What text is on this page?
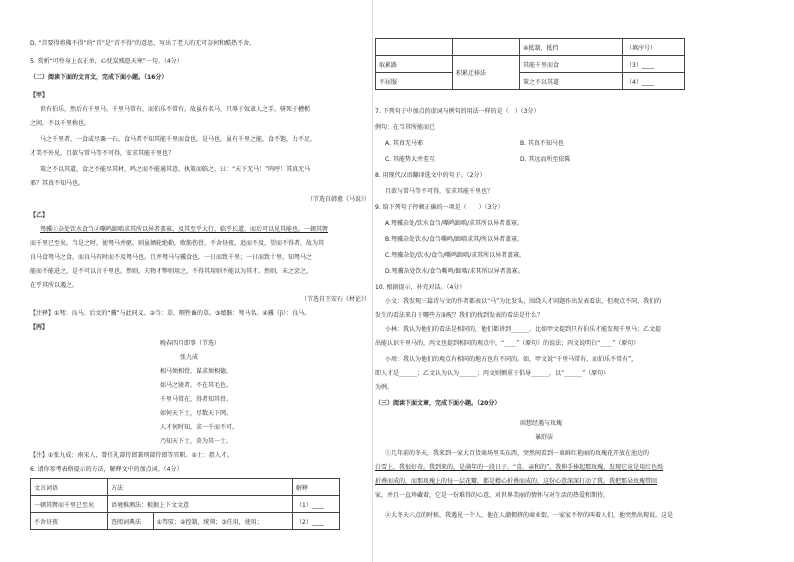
D. “首要得将佛不得”的“首”是“首不得”的意思，写出了老人的无可奈何和酷热不舍。
5. 赏析“可怜身上衣正单，心忧炭贱愿天寒”一句。（4分）
（二）阅读下面的文言文，完成下面小题。（16分）
【甲】
世有伯乐，然后有千里马。千里马常有，而伯乐不常有。故虽有名马，只辱于奴隶人之手，骈死于槽枥
之间，不以千里称也。
马之千里者，一食或尽粟一石。食马者不知其能千里而食也。是马也，虽有千里之能，食不饱，力不足，
才美不外见，且欲与常马等不可得，安求其能千里也？
策之不以其道，食之不能尽其材，鸣之而不能通其意，执策而临之，曰：“天下无马！”呜呼！其真无马
邪？其真不知马也。
（节选自韩愈《马说》）
【乙】
驽骥①杂处饮水食刍②嘶鸣蹄啮求其所以异者盖寡。及其至乎大行、临乎长道，而后可以见其能也。一顿其辔
而千里已至矣。当是之时，使驽马并驱，则虽倾轮绝勒，败筋伤骨，不舍昼夜，追而不及，望而不得者，故为其
良马食驽马之食，而良马有时而不及驽马也。且并驽马与骥食也，一日而致千里；一日而致十里。知驽马之
能而不能进之，是不可以言千里也。然则，夫物才弊则用之，不得其用则不能以为其才。然则，未之尝之，
在乎其所以遇之。
（节选自王安石《材论》）
【注释】①驽：良马。后文的“骥”与此同义。②刍：草，喂牲畜的草。③嬉骸：驽马名。④骥（jì）：良马。
【丙】
晚春四月即事（节选）
张九成
相马须相骨，谋求须相德。
如马之骏者，不在其毛色。
千里马常在，得者知其骨。
如何天下士，尽数天下网。
人才何时知，求一千而不可。
乃知天下士，莫为其一士。
【注】①张九成：南宋人，曾任礼部侍郎兼刑部侍郎等官职。②士：指人才。
6. 请你参考表格提示的方法，解释文中的加点词。（4分）
文言词语	方法		解释
一顿其辔而千里已至矣	语境推测法：根据上下文文意		（1）____
不舍昼夜	查阅词典法	①驾驭；②控制，统领；③任用，使用；	（2）____
		④抵制，抵挡	（填序号）
取累路	积累迁移法	其能千里而食	（3）____
不屈服		策之不以其道	（4）____
7. 下列句子中加点的虚词与例句的用法一样的是（　）（3分）
例句：在当其所能而已
A. 其真无马邪	B. 其真不知马也
C. 其能势大并差互	D. 其远而所至依陈
8. 用现代汉语翻译选文中的句子。（2分）
且欲与常马等不可得，安求其能千里也？
9. 给下列句子停顿正确的一项是（　　）（3分）
A.驽骥杂处/饮水食刍/嘶鸣蹄啮/求其所以异者盖寡。
B.驽骥杂处饮水/食刍嘶鸣/蹄啮求其/所以异者盖寡。
C.驽骥杂处/饮水/食刍/嘶鸣蹄啮/求其所以异者盖寡。
D.驽骥杂处饮水/食刍嘶鸣/蹄啮/求其所以异者盖寡。
10. 根据提示，补充对话。（4分）
小文：我发现三篇诗与文的作者都表以“马”为比发头，围绕人才问题作出发表看法，但观点不同，我们的
发生的看法来自于哪些方面呢？我们的找到发表的看法是什么？
小林：我认为他们的看法是相同的，他们都讲到______，比如甲文提到只有伯乐才能发现千里马；乙文提
出能认识千里马的，丙文也提到相同的观点中，“____”（原句）的说法；丙文说明白“____”（原句）
小周：我认为他们的观点有相同的地方也有不同的。如，甲文说“千里马常有，而伯乐不常有”，
即人才是______；乙文认为认为______；丙文则侧重于倡导______，以“______”（原句）
为例。
（三）阅读下面文章，完成下面小题。（20分）
雨想经遇与玫瑰
暴舒洁
①几年前的冬天，我来到一家大百货商场里买东西，突然间看到一束鲜红艳丽的玫瑰花开放在池边的
白雪上，我很好奇。我到来的，是满年的一段日子，“喜，亲和的”。我伸手捧起那玫瑰，发现它竟是用红色纸
折叠而成的，而那玫瑰上的每一层花瓣，都是精心折叠而成的，这份心意深深打动了我，我把那朵玫瑰带回
家，并且一直珍藏着，它是一份难得的心意，对世界美丽的情怀与对生活的热爱和期待。
②大冬天六点的时候，我遇见一个人，他在人潮拥挤的商业街，一家家不停的叫着人们，他突然出现说。这是
